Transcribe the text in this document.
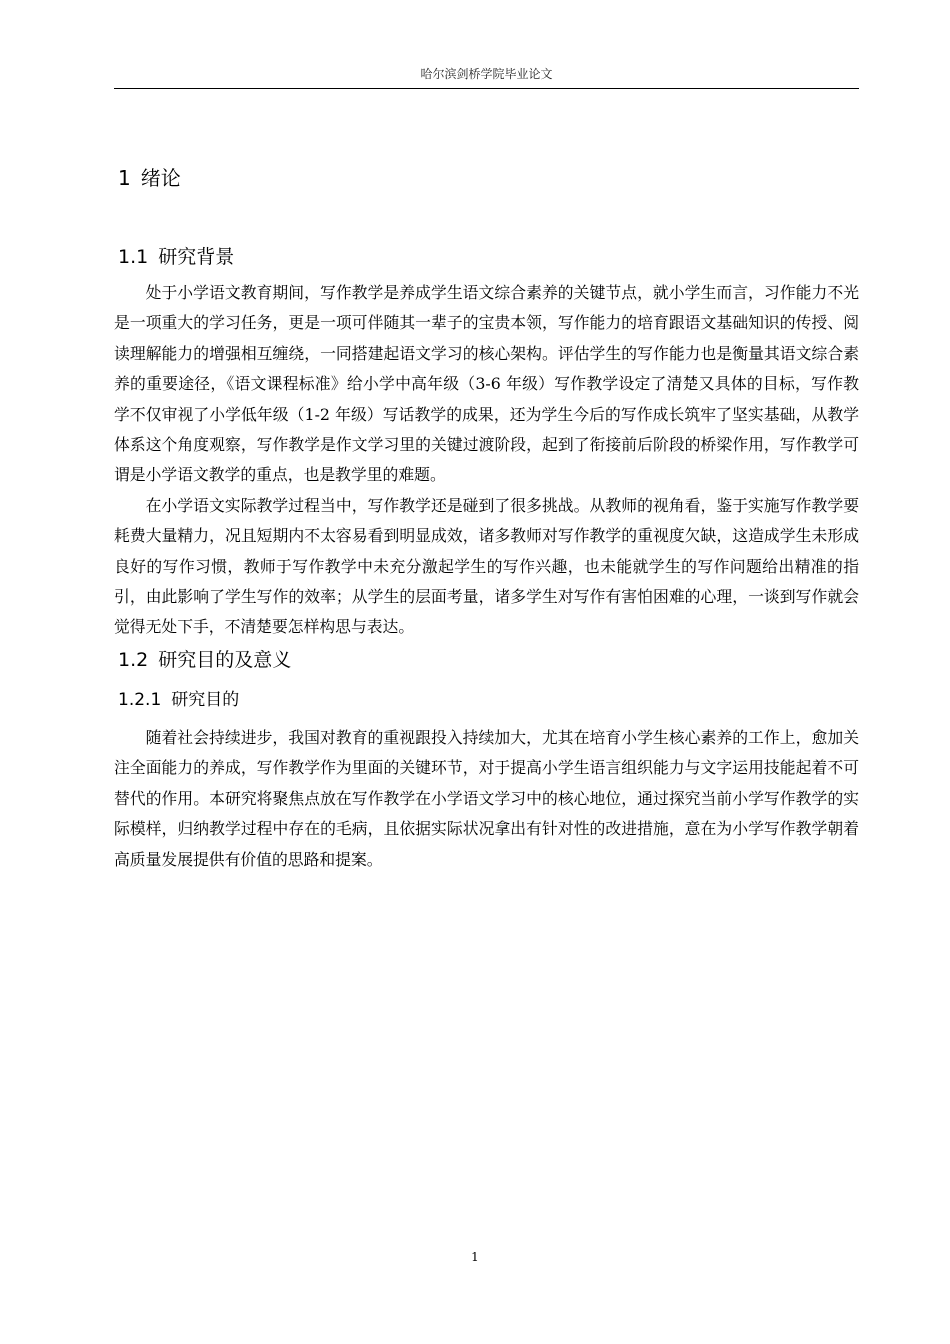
哈尔滨剑桥学院毕业论文
1 绪论
1.1 研究背景

处于小学语文教育期间，写作教学是养成学生语文综合素养的关键节点，就小学生而言，习作能力不光是一项重大的学习任务，更是一项可伴随其一辈子的宝贵本领，写作能力的培育跟语文基础知识的传授、阅读理解能力的增强相互缠绕，一同搭建起语文学习的核心架构。评估学生的写作能力也是衡量其语文综合素养的重要途径，《语文课程标准》给小学中高年级（3-6 年级）写作教学设定了清楚又具体的目标，写作教学不仅审视了小学低年级（1-2 年级）写话教学的成果，还为学生今后的写作成长筑牢了坚实基础，从教学体系这个角度观察，写作教学是作文学习里的关键过渡阶段，起到了衔接前后阶段的桥梁作用，写作教学可谓是小学语文教学的重点，也是教学里的难题。

在小学语文实际教学过程当中，写作教学还是碰到了很多挑战。从教师的视角看，鉴于实施写作教学要耗费大量精力，况且短期内不太容易看到明显成效，诸多教师对写作教学的重视度欠缺，这造成学生未形成良好的写作习惯，教师于写作教学中未充分激起学生的写作兴趣，也未能就学生的写作问题给出精准的指引，由此影响了学生写作的效率；从学生的层面考量，诸多学生对写作有害怕困难的心理，一谈到写作就会觉得无处下手，不清楚要怎样构思与表达。

1.2 研究目的及意义
1.2.1 研究目的

随着社会持续进步，我国对教育的重视跟投入持续加大，尤其在培育小学生核心素养的工作上，愈加关注全面能力的养成，写作教学作为里面的关键环节，对于提高小学生语言组织能力与文字运用技能起着不可替代的作用。本研究将聚焦点放在写作教学在小学语文学习中的核心地位，通过探究当前小学写作教学的实际模样，归纳教学过程中存在的毛病，且依据实际状况拿出有针对性的改进措施，意在为小学写作教学朝着高质量发展提供有价值的思路和提案。

1
